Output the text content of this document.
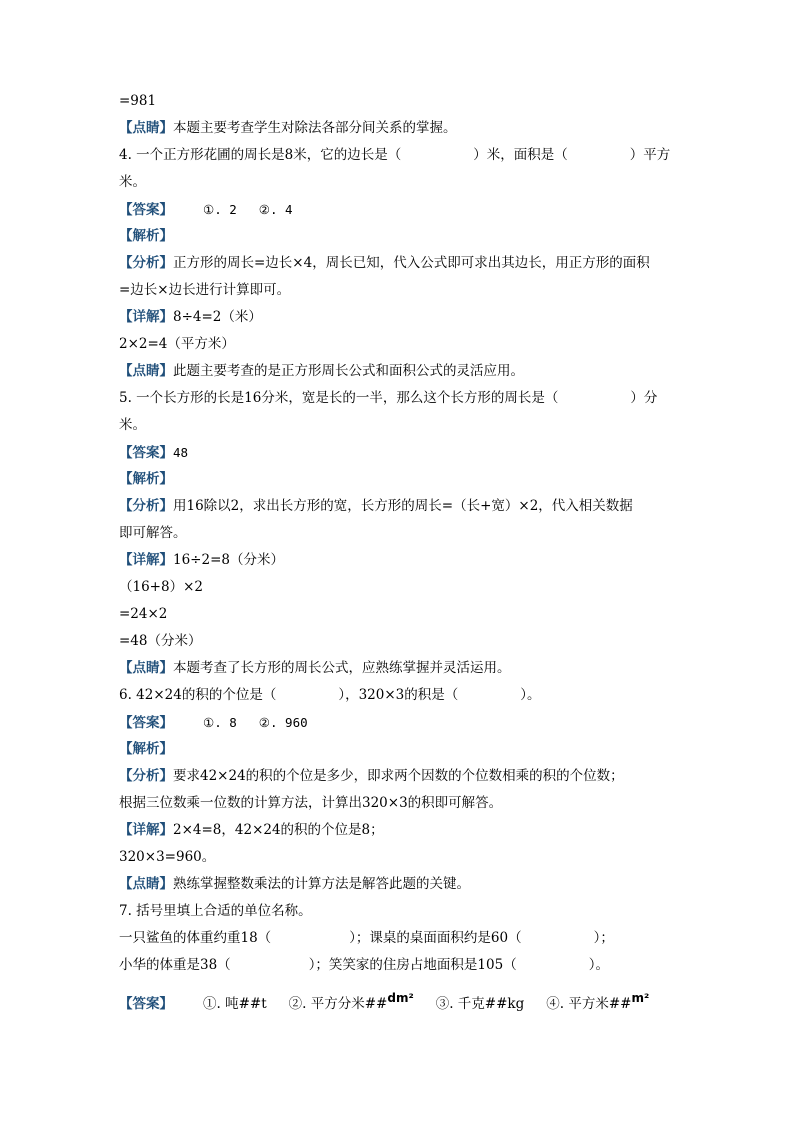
=981
【点睛】本题主要考查学生对除法各部分间关系的掌握。
4. 一个正方形花圃的周长是8米，它的边长是（	）米，面积是（	）平方
米。
【答案】 ①. 2 ②. 4
【解析】
【分析】正方形的周长=边长×4，周长已知，代入公式即可求出其边长，用正方形的面积
=边长×边长进行计算即可。
【详解】8÷4=2（米）
2×2=4（平方米）
【点睛】此题主要考查的是正方形周长公式和面积公式的灵活应用。
5. 一个长方形的长是16分米，宽是长的一半，那么这个长方形的周长是（	）分
米。
【答案】48
【解析】
【分析】用16除以2，求出长方形的宽，长方形的周长=（长+宽）×2，代入相关数据
即可解答。
【详解】16÷2=8（分米）
（16+8）×2
=24×2
=48（分米）
【点睛】本题考查了长方形的周长公式，应熟练掌握并灵活运用。
6. 42×24的积的个位是（	），320×3的积是（	）。
【答案】 ①. 8 ②. 960
【解析】
【分析】要求42×24的积的个位是多少，即求两个因数的个位数相乘的积的个位数；
根据三位数乘一位数的计算方法，计算出320×3的积即可解答。
【详解】2×4=8，42×24的积的个位是8；
320×3=960。
【点睛】熟练掌握整数乘法的计算方法是解答此题的关键。
7. 括号里填上合适的单位名称。
一只鲨鱼的体重约重18（	）；课桌的桌面面积约是60（	）；
小华的体重是38（	）；笑笑家的住房占地面积是105（	）。
【答案】 ①. 吨##t ②. 平方分米##dm² ③. 千克##kg ④. 平方米##m²
